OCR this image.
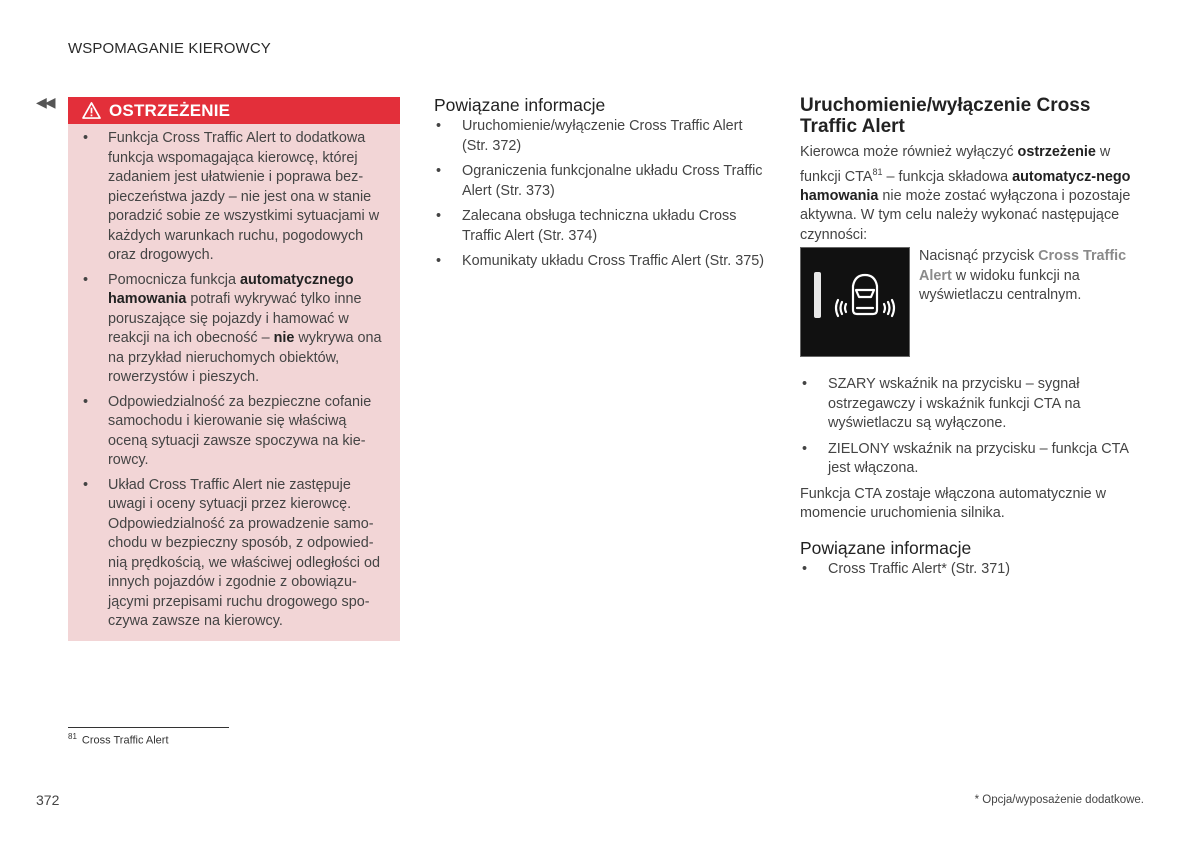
WSPOMAGANIE KIEROWCY
◀◀	OSTRZEŻENIE
• Funkcja Cross Traffic Alert to dodatkowa funkcja wspomagająca kierowcę, której zadaniem jest ułatwienie i poprawa bez-pieczeństwa jazdy – nie jest ona w stanie poradzić sobie ze wszystkimi sytuacjami w każdych warunkach ruchu, pogodowych oraz drogowych.
• Pomocnicza funkcja automatycznego hamowania potrafi wykrywać tylko inne poruszające się pojazdy i hamować w reakcji na ich obecność – nie wykrywa ona na przykład nieruchomych obiektów, rowerzystów i pieszych.
• Odpowiedzialność za bezpieczne cofanie samochodu i kierowanie się właściwą oceną sytuacji zawsze spoczywa na kie-rowcy.
• Układ Cross Traffic Alert nie zastępuje uwagi i oceny sytuacji przez kierowcę. Odpowiedzialność za prowadzenie samo-chodu w bezpieczny sposób, z odpowied-nią prędkością, we właściwej odległości od innych pojazdów i zgodnie z obowiązu-jącymi przepisami ruchu drogowego spo-czywa zawsze na kierowcy.
Powiązane informacje
• Uruchomienie/wyłączenie Cross Traffic Alert (Str. 372)
• Ograniczenia funkcjonalne układu Cross Traffic Alert (Str. 373)
• Zalecana obsługa techniczna układu Cross Traffic Alert (Str. 374)
• Komunikaty układu Cross Traffic Alert (Str. 375)
Uruchomienie/wyłączenie Cross Traffic Alert

Kierowca może również wyłączyć ostrzeżenie w funkcji CTA$^{81}$ – funkcja składowa automatycz-nego hamowania nie może zostać wyłączona i pozostaje aktywna. W tym celu należy wykonać następujące czynności:

Nacisnąć przycisk Cross Traffic Alert w widoku funkcji na wyświetlaczu centralnym.

• SZARY wskaźnik na przycisku – sygnał ostrzegawczy i wskaźnik funkcji CTA na wyświetlaczu są wyłączone.
• ZIELONY wskaźnik na przycisku – funkcja CTA jest włączona.

Funkcja CTA zostaje włączona automatycznie w momencie uruchomienia silnika.

Powiązane informacje
• Cross Traffic Alert* (Str. 371)
$^{81}$ Cross Traffic Alert
372	* Opcja/wyposażenie dodatkowe.
